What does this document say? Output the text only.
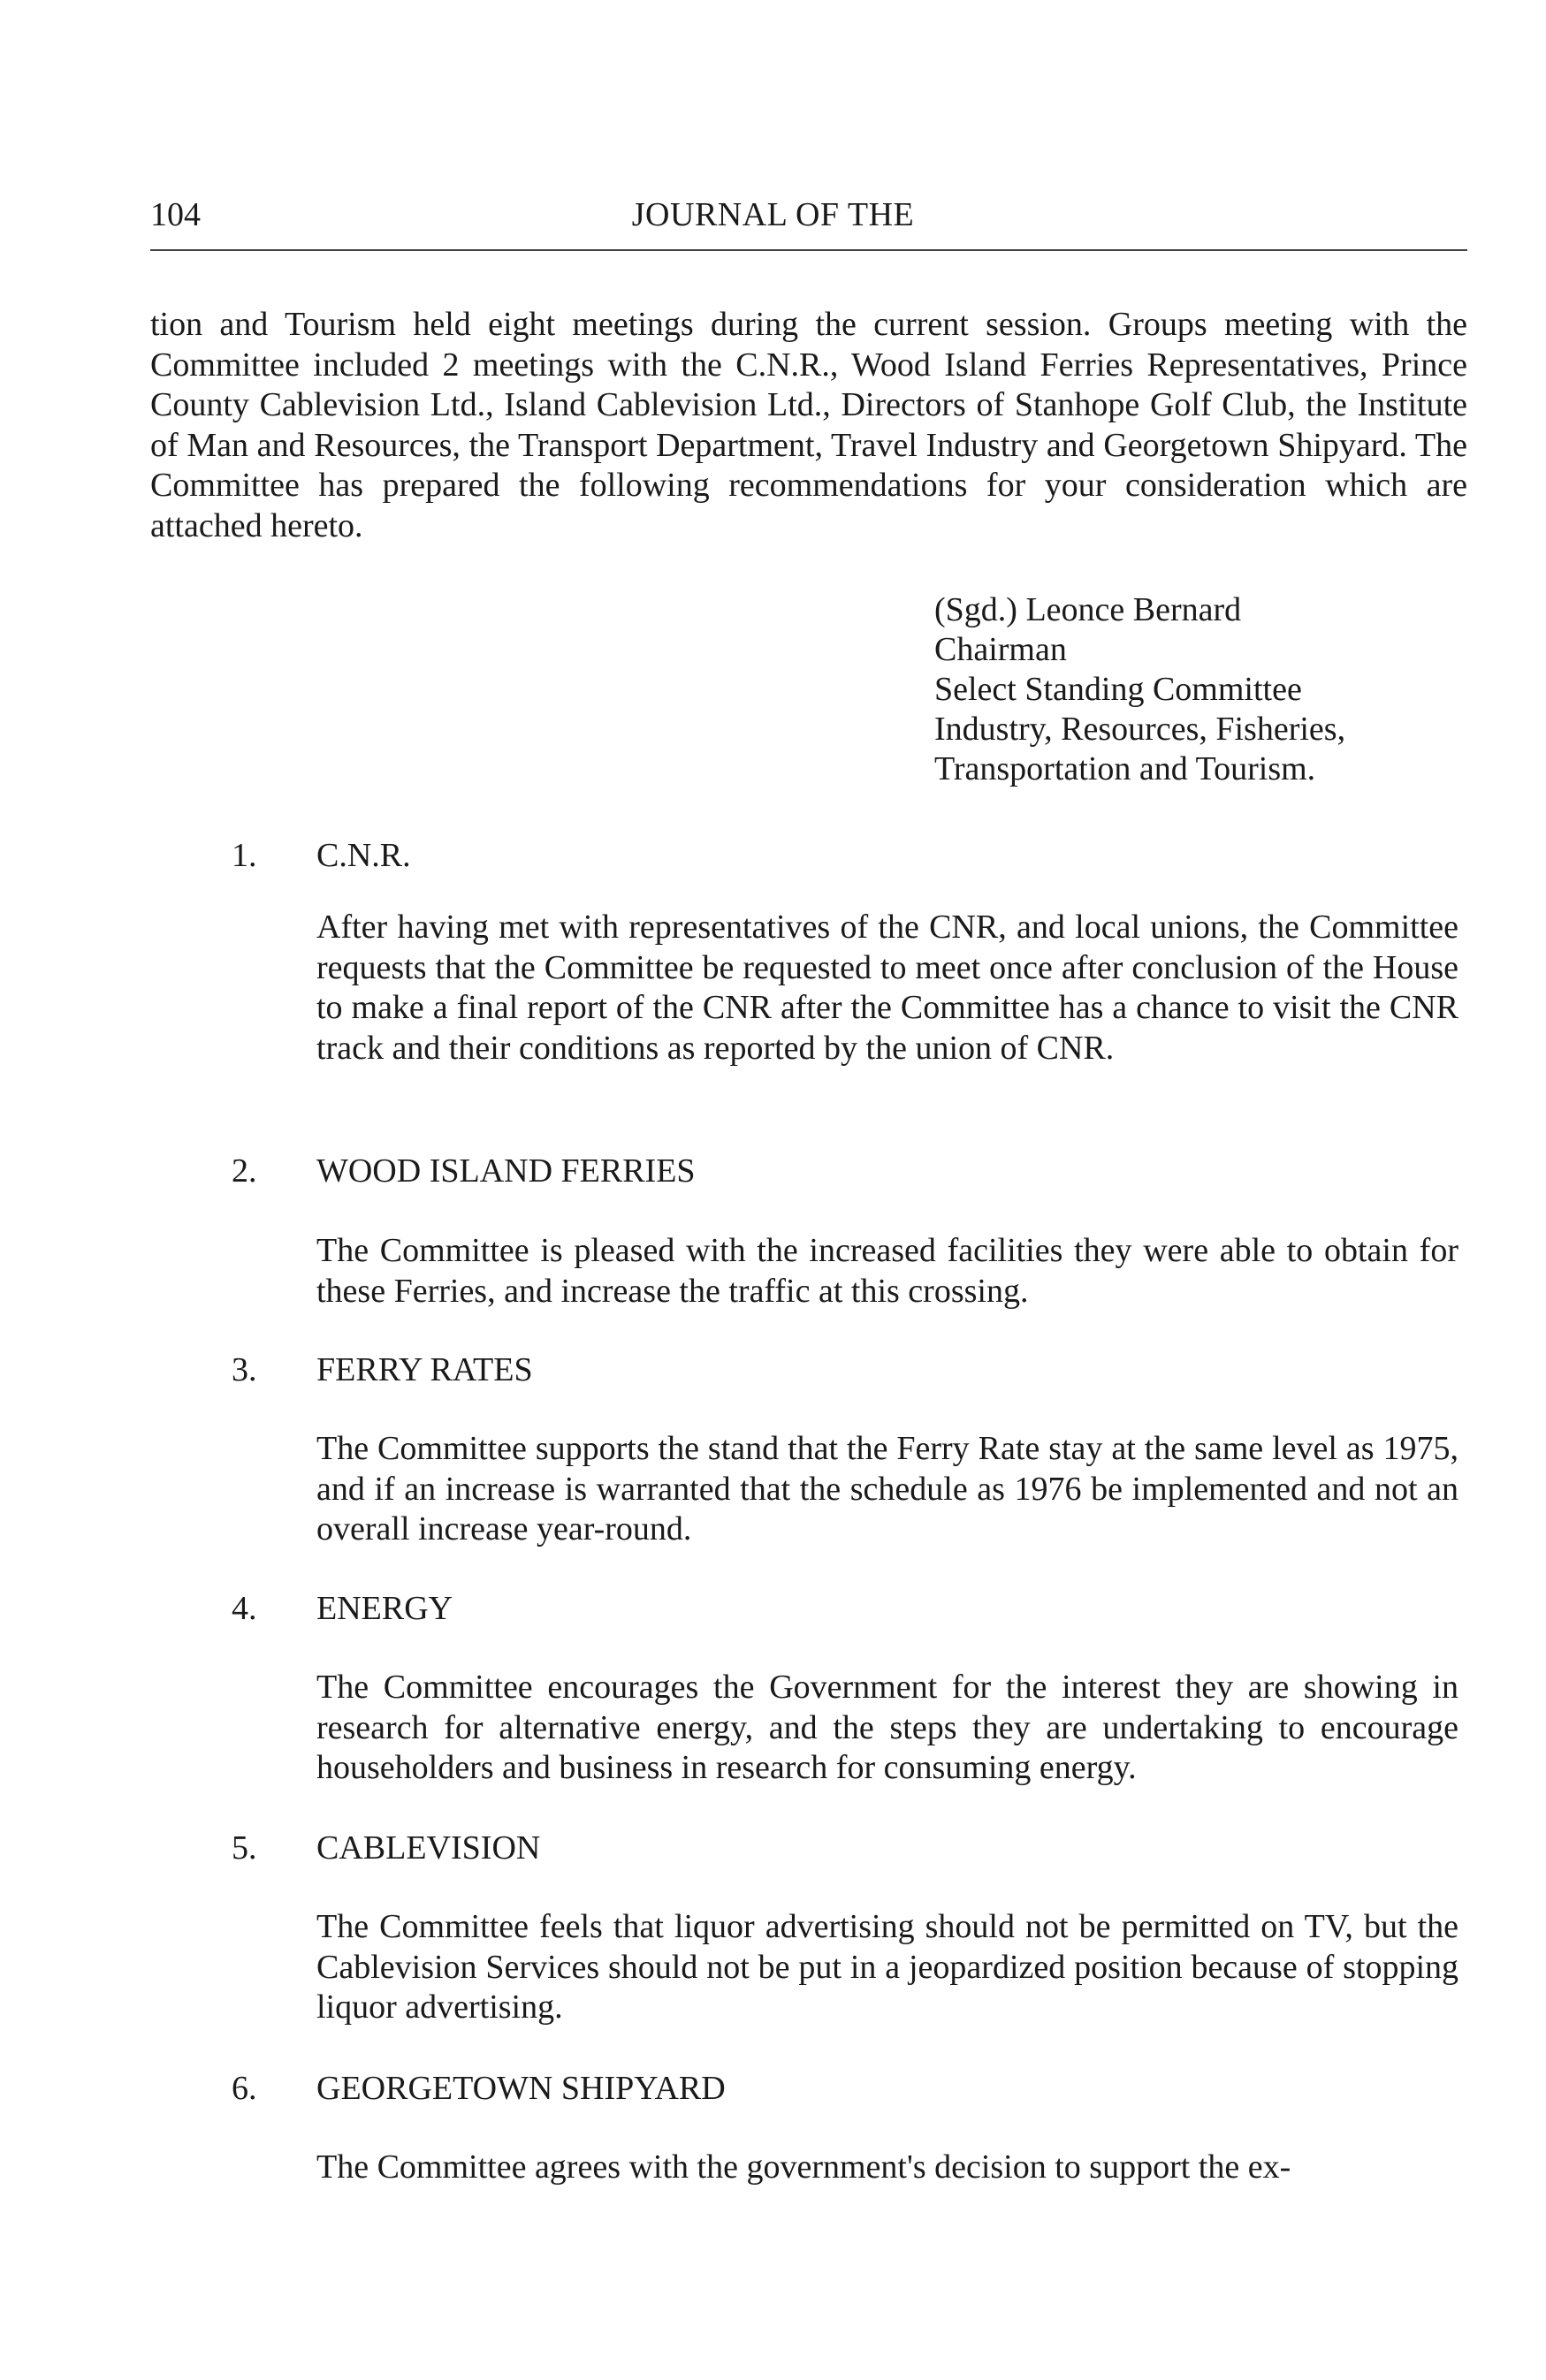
104	JOURNAL OF THE

tion and Tourism held eight meetings during the current session. Groups meeting with the Committee included 2 meetings with the C.N.R., Wood Island Ferries Representatives, Prince County Cablevision Ltd., Island Cablevision Ltd., Directors of Stanhope Golf Club, the Institute of Man and Resources, the Transport Department, Travel Industry and Georgetown Shipyard. The Committee has prepared the following recommendations for your consideration which are attached hereto.

(Sgd.) Leonce Bernard
Chairman
Select Standing Committee
Industry, Resources, Fisheries,
Transportation and Tourism.
1. C.N.R.

After having met with representatives of the CNR, and local unions, the Committee requests that the Committee be requested to meet once after conclusion of the House to make a final report of the CNR after the Committee has a chance to visit the CNR track and their conditions as reported by the union of CNR.

2. WOOD ISLAND FERRIES

The Committee is pleased with the increased facilities they were able to obtain for these Ferries, and increase the traffic at this crossing.

3. FERRY RATES

The Committee supports the stand that the Ferry Rate stay at the same level as 1975, and if an increase is warranted that the schedule as 1976 be implemented and not an overall increase year-round.

4. ENERGY

The Committee encourages the Government for the interest they are showing in research for alternative energy, and the steps they are undertaking to encourage householders and business in research for consuming energy.

5. CABLEVISION

The Committee feels that liquor advertising should not be permitted on TV, but the Cablevision Services should not be put in a jeopardized position because of stopping liquor advertising.

6. GEORGETOWN SHIPYARD

The Committee agrees with the government's decision to support the ex-
